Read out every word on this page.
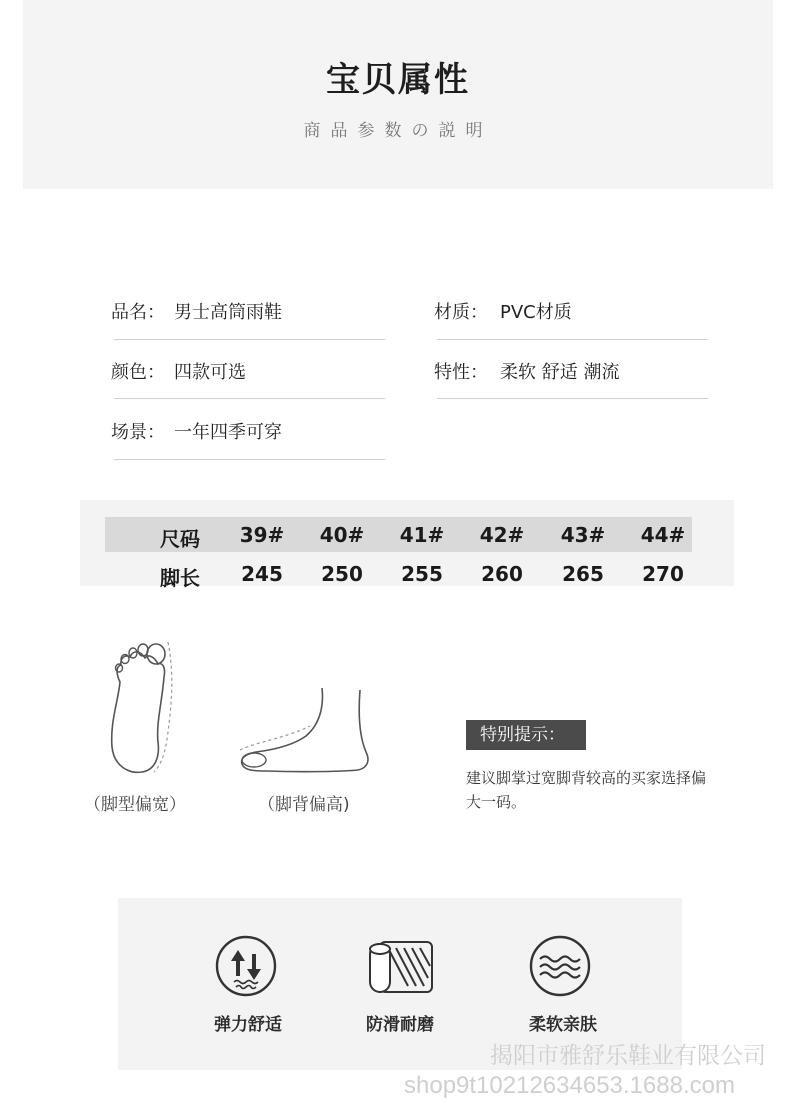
宝贝属性
商品参数の説明
品名： 男士高筒雨鞋
颜色： 四款可选
场景： 一年四季可穿
材质： PVC材质
特性： 柔软 舒适 潮流
尺码	39#	40#	41#	42#	43#	44#
脚长	245	250	255	260	265	270
（脚型偏宽）	（脚背偏高)
特别提示：
建议脚掌过宽脚背较高的买家选择偏大一码。
弹力舒适	防滑耐磨	柔软亲肤
揭阳市雅舒乐鞋业有限公司
shop9t10212634653.1688.com
